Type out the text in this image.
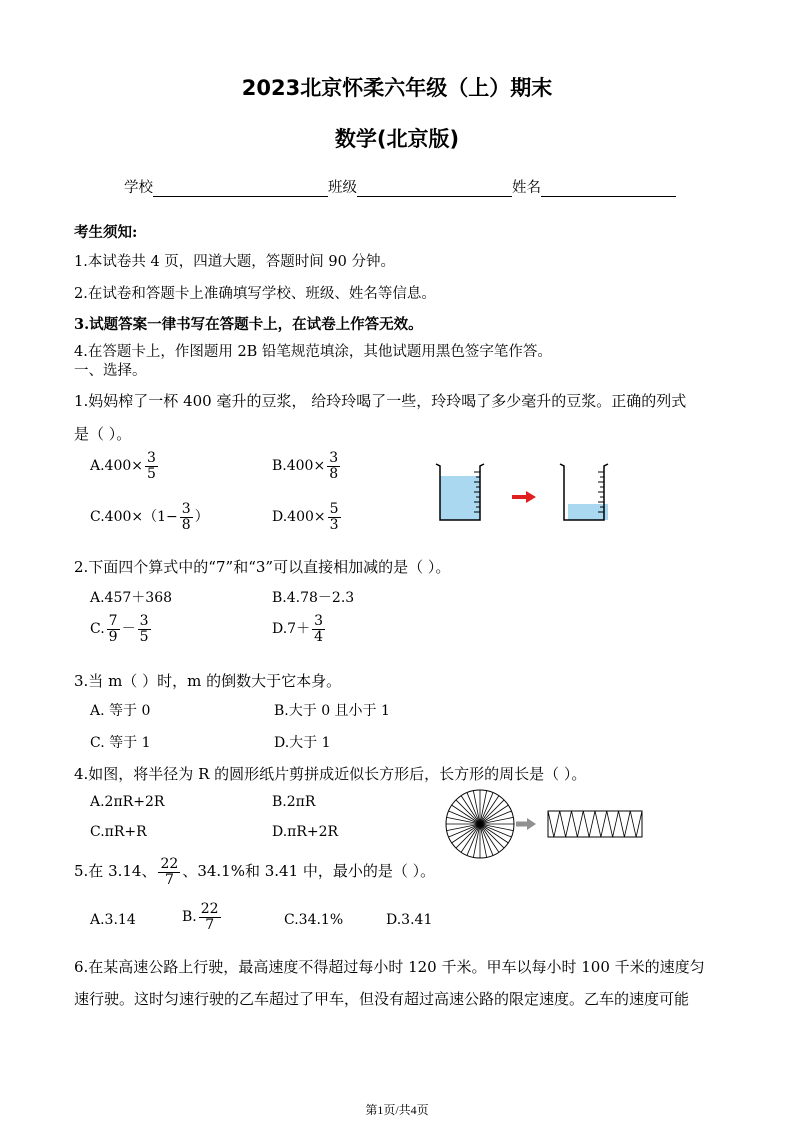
2023北京怀柔六年级（上）期末
数学(北京版)
学校	班级	姓名
考生须知:
1.本试卷共 4 页，四道大题，答题时间 90 分钟。
2.在试卷和答题卡上准确填写学校、班级、姓名等信息。
3.试题答案一律书写在答题卡上，在试卷上作答无效。
4.在答题卡上，作图题用 2B 铅笔规范填涂，其他试题用黑色签字笔作答。
一、选择。
1.妈妈榨了一杯 400 毫升的豆浆， 给玲玲喝了一些，玲玲喝了多少毫升的豆浆。正确的列式
是（ ）。
$A.400\times \frac{3}{5}$	$B.400\times \frac{3}{8}$
$C.400\times(1- \frac{3}{8}$ ）	$D.400\times \frac{5}{3}$
2.下面四个算式中的“7”和“3”可以直接相加减的是（ ）。
A.457＋368	B.4.78－2.3
C. $\frac{7}{9} - \frac{3}{5}$	$D.7+ \frac{3}{4}$
3.当 m（ ）时，m 的倒数大于它本身。
A. 等于 0	B.大于 0 且小于 1
C. 等于 1	D.大于 1
4.如图，将半径为 R 的圆形纸片剪拼成近似长方形后，长方形的周长是（ ）。
A.2πR+2R	B.2πR
C.πR+R	D.πR+2R
5.在 3.14、 $\frac{22}{7}$ 、34.1%和 3.41 中，最小的是（ ）。
A.3.14	B. $\frac{22}{7}$	C.34.1%	D.3.41
6.在某高速公路上行驶，最高速度不得超过每小时 120 千米。甲车以每小时 100 千米的速度匀
速行驶。这时匀速行驶的乙车超过了甲车，但没有超过高速公路的限定速度。乙车的速度可能
第1页/共4页
